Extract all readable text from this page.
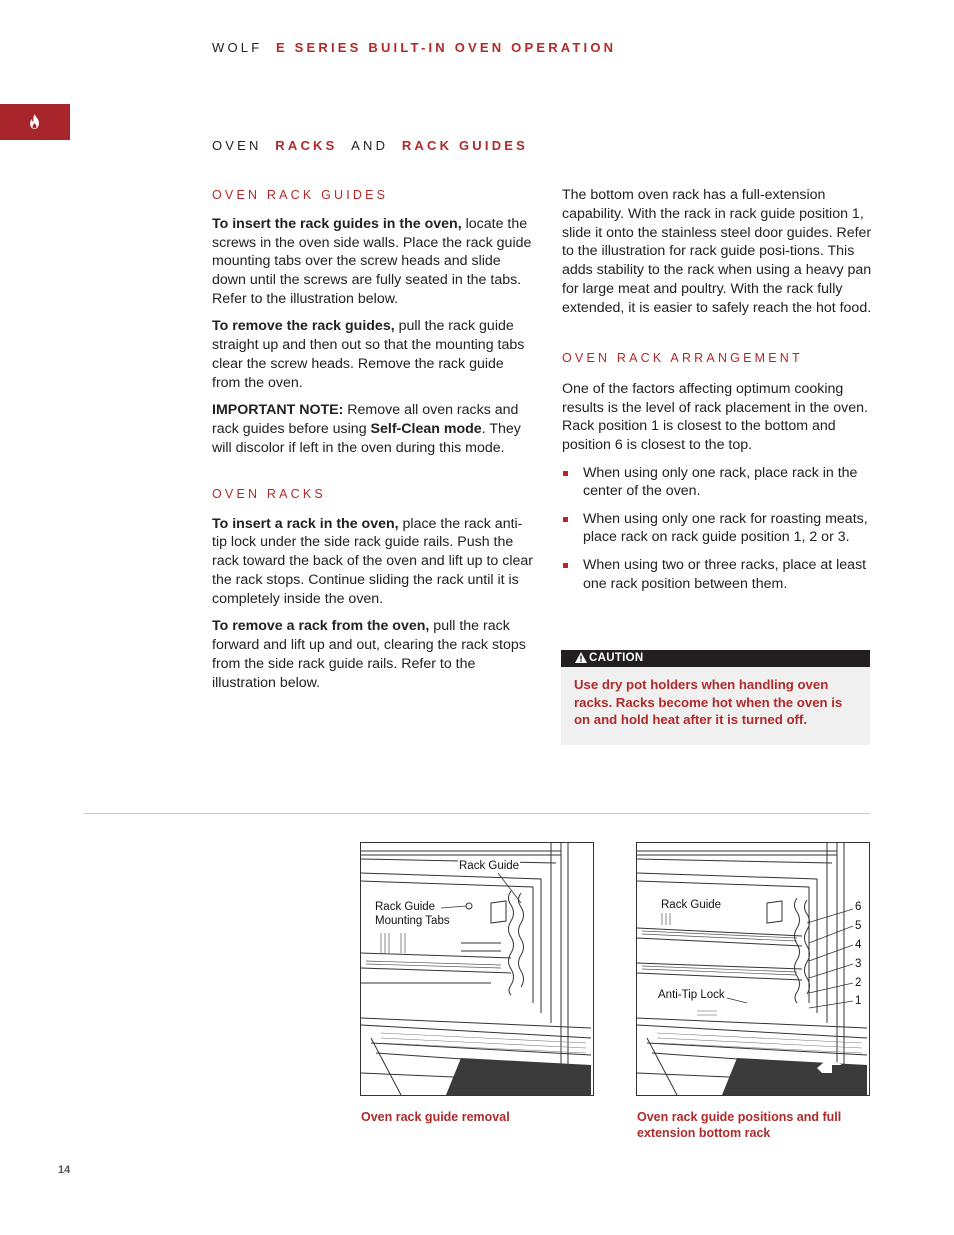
WOLF E SERIES BUILT-IN OVEN OPERATION
OVEN RACKS AND RACK GUIDES
OVEN RACK GUIDES

To insert the rack guides in the oven, locate the screws in the oven side walls. Place the rack guide mounting tabs over the screw heads and slide down until the screws are fully seated in the tabs. Refer to the illustration below.

To remove the rack guides, pull the rack guide straight up and then out so that the mounting tabs clear the screw heads. Remove the rack guide from the oven.

IMPORTANT NOTE: Remove all oven racks and rack guides before using Self-Clean mode. They will discolor if left in the oven during this mode.

OVEN RACKS

To insert a rack in the oven, place the rack anti-tip lock under the side rack guide rails. Push the rack toward the back of the oven and lift up to clear the rack stops. Continue sliding the rack until it is completely inside the oven.

To remove a rack from the oven, pull the rack forward and lift up and out, clearing the rack stops from the side rack guide rails. Refer to the illustration below.

The bottom oven rack has a full-extension capability. With the rack in rack guide position 1, slide it onto the stainless steel door guides. Refer to the illustration for rack guide posi-tions. This adds stability to the rack when using a heavy pan for large meat and poultry. With the rack fully extended, it is easier to safely reach the hot food.

OVEN RACK ARRANGEMENT

One of the factors affecting optimum cooking results is the level of rack placement in the oven. Rack position 1 is closest to the bottom and position 6 is closest to the top.

When using only one rack, place rack in the center of the oven.
When using only one rack for roasting meats, place rack on rack guide position 1, 2 or 3.
When using two or three racks, place at least one rack position between them.
CAUTION
Use dry pot holders when handling oven racks. Racks become hot when the oven is on and hold heat after it is turned off.
Rack Guide
Rack Guide
Mounting Tabs
Oven rack guide removal
Rack Guide
Anti-Tip Lock
6
5
4
3
2
1
Oven rack guide positions and full extension bottom rack
14
